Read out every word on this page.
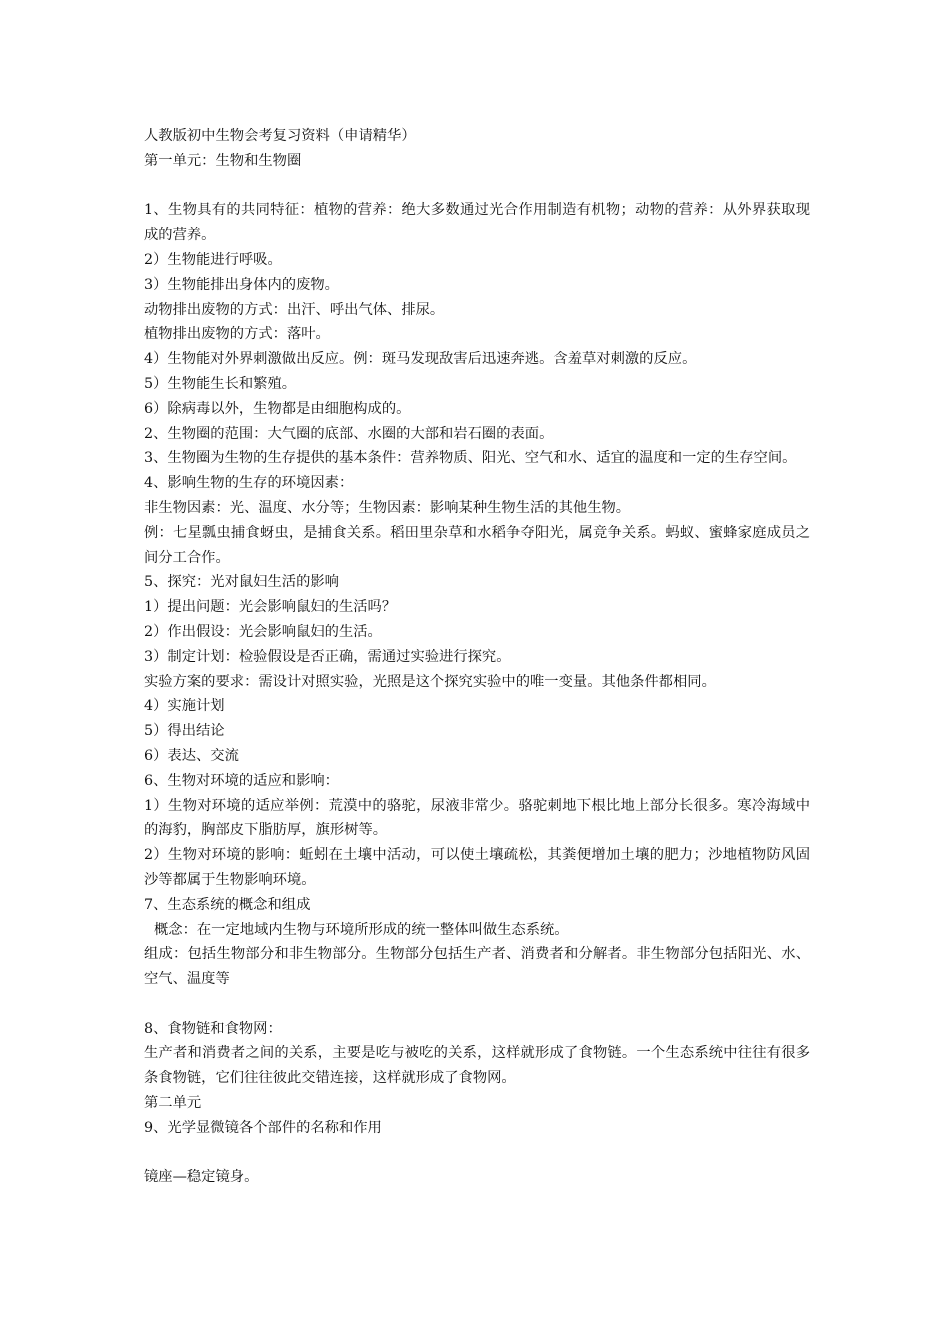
人教版初中生物会考复习资料（申请精华）
第一单元：生物和生物圈
1、生物具有的共同特征：植物的营养：绝大多数通过光合作用制造有机物；动物的营养：从外界获取现成的营养。
2）生物能进行呼吸。
3）生物能排出身体内的废物。
动物排出废物的方式：出汗、呼出气体、排尿。
植物排出废物的方式：落叶。
4）生物能对外界刺激做出反应。例：斑马发现敌害后迅速奔逃。含羞草对刺激的反应。
5）生物能生长和繁殖。
6）除病毒以外，生物都是由细胞构成的。
2、生物圈的范围：大气圈的底部、水圈的大部和岩石圈的表面。
3、生物圈为生物的生存提供的基本条件：营养物质、阳光、空气和水、适宜的温度和一定的生存空间。
4、影响生物的生存的环境因素：
非生物因素：光、温度、水分等；生物因素：影响某种生物生活的其他生物。
例：七星瓢虫捕食蚜虫，是捕食关系。稻田里杂草和水稻争夺阳光，属竞争关系。蚂蚁、蜜蜂家庭成员之间分工合作。
5、探究：光对鼠妇生活的影响
1）提出问题：光会影响鼠妇的生活吗？
2）作出假设：光会影响鼠妇的生活。
3）制定计划：检验假设是否正确，需通过实验进行探究。
实验方案的要求：需设计对照实验，光照是这个探究实验中的唯一变量。其他条件都相同。
4）实施计划
5）得出结论
6）表达、交流
6、生物对环境的适应和影响：
1）生物对环境的适应举例：荒漠中的骆驼，尿液非常少。骆驼刺地下根比地上部分长很多。寒冷海域中的海豹，胸部皮下脂肪厚，旗形树等。
2）生物对环境的影响：蚯蚓在土壤中活动，可以使土壤疏松，其粪便增加土壤的肥力；沙地植物防风固沙等都属于生物影响环境。
7、生态系统的概念和组成
概念：在一定地域内生物与环境所形成的统一整体叫做生态系统。
组成：包括生物部分和非生物部分。生物部分包括生产者、消费者和分解者。非生物部分包括阳光、水、空气、温度等
8、食物链和食物网：
生产者和消费者之间的关系，主要是吃与被吃的关系，这样就形成了食物链。一个生态系统中往往有很多条食物链，它们往往彼此交错连接，这样就形成了食物网。
第二单元
9、光学显微镜各个部件的名称和作用
镜座—稳定镜身。
